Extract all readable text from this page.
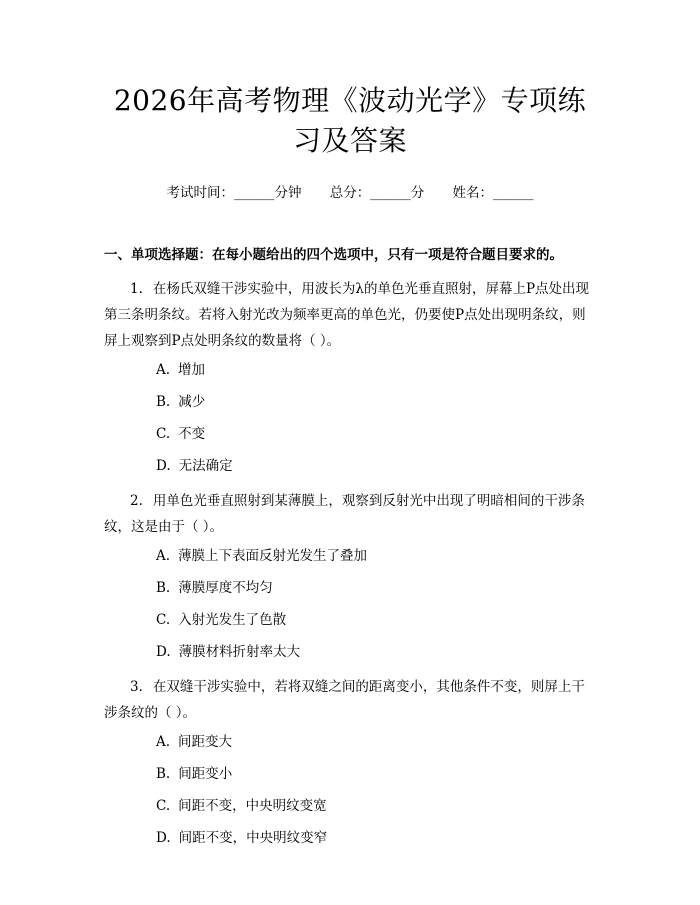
2026年高考物理《波动光学》专项练习及答案
考试时间：______分钟 总分：______分 姓名：______
一、单项选择题：在每小题给出的四个选项中，只有一项是符合题目要求的。
1. 在杨氏双缝干涉实验中，用波长为λ的单色光垂直照射，屏幕上P点处出现第三条明条纹。若将入射光改为频率更高的单色光，仍要使P点处出现明条纹，则屏上观察到P点处明条纹的数量将（ ）。
A. 增加
B. 减少
C. 不变
D. 无法确定
2. 用单色光垂直照射到某薄膜上，观察到反射光中出现了明暗相间的干涉条纹，这是由于（ ）。
A. 薄膜上下表面反射光发生了叠加
B. 薄膜厚度不均匀
C. 入射光发生了色散
D. 薄膜材料折射率太大
3. 在双缝干涉实验中，若将双缝之间的距离变小，其他条件不变，则屏上干涉条纹的（ ）。
A. 间距变大
B. 间距变小
C. 间距不变，中央明纹变宽
D. 间距不变，中央明纹变窄
